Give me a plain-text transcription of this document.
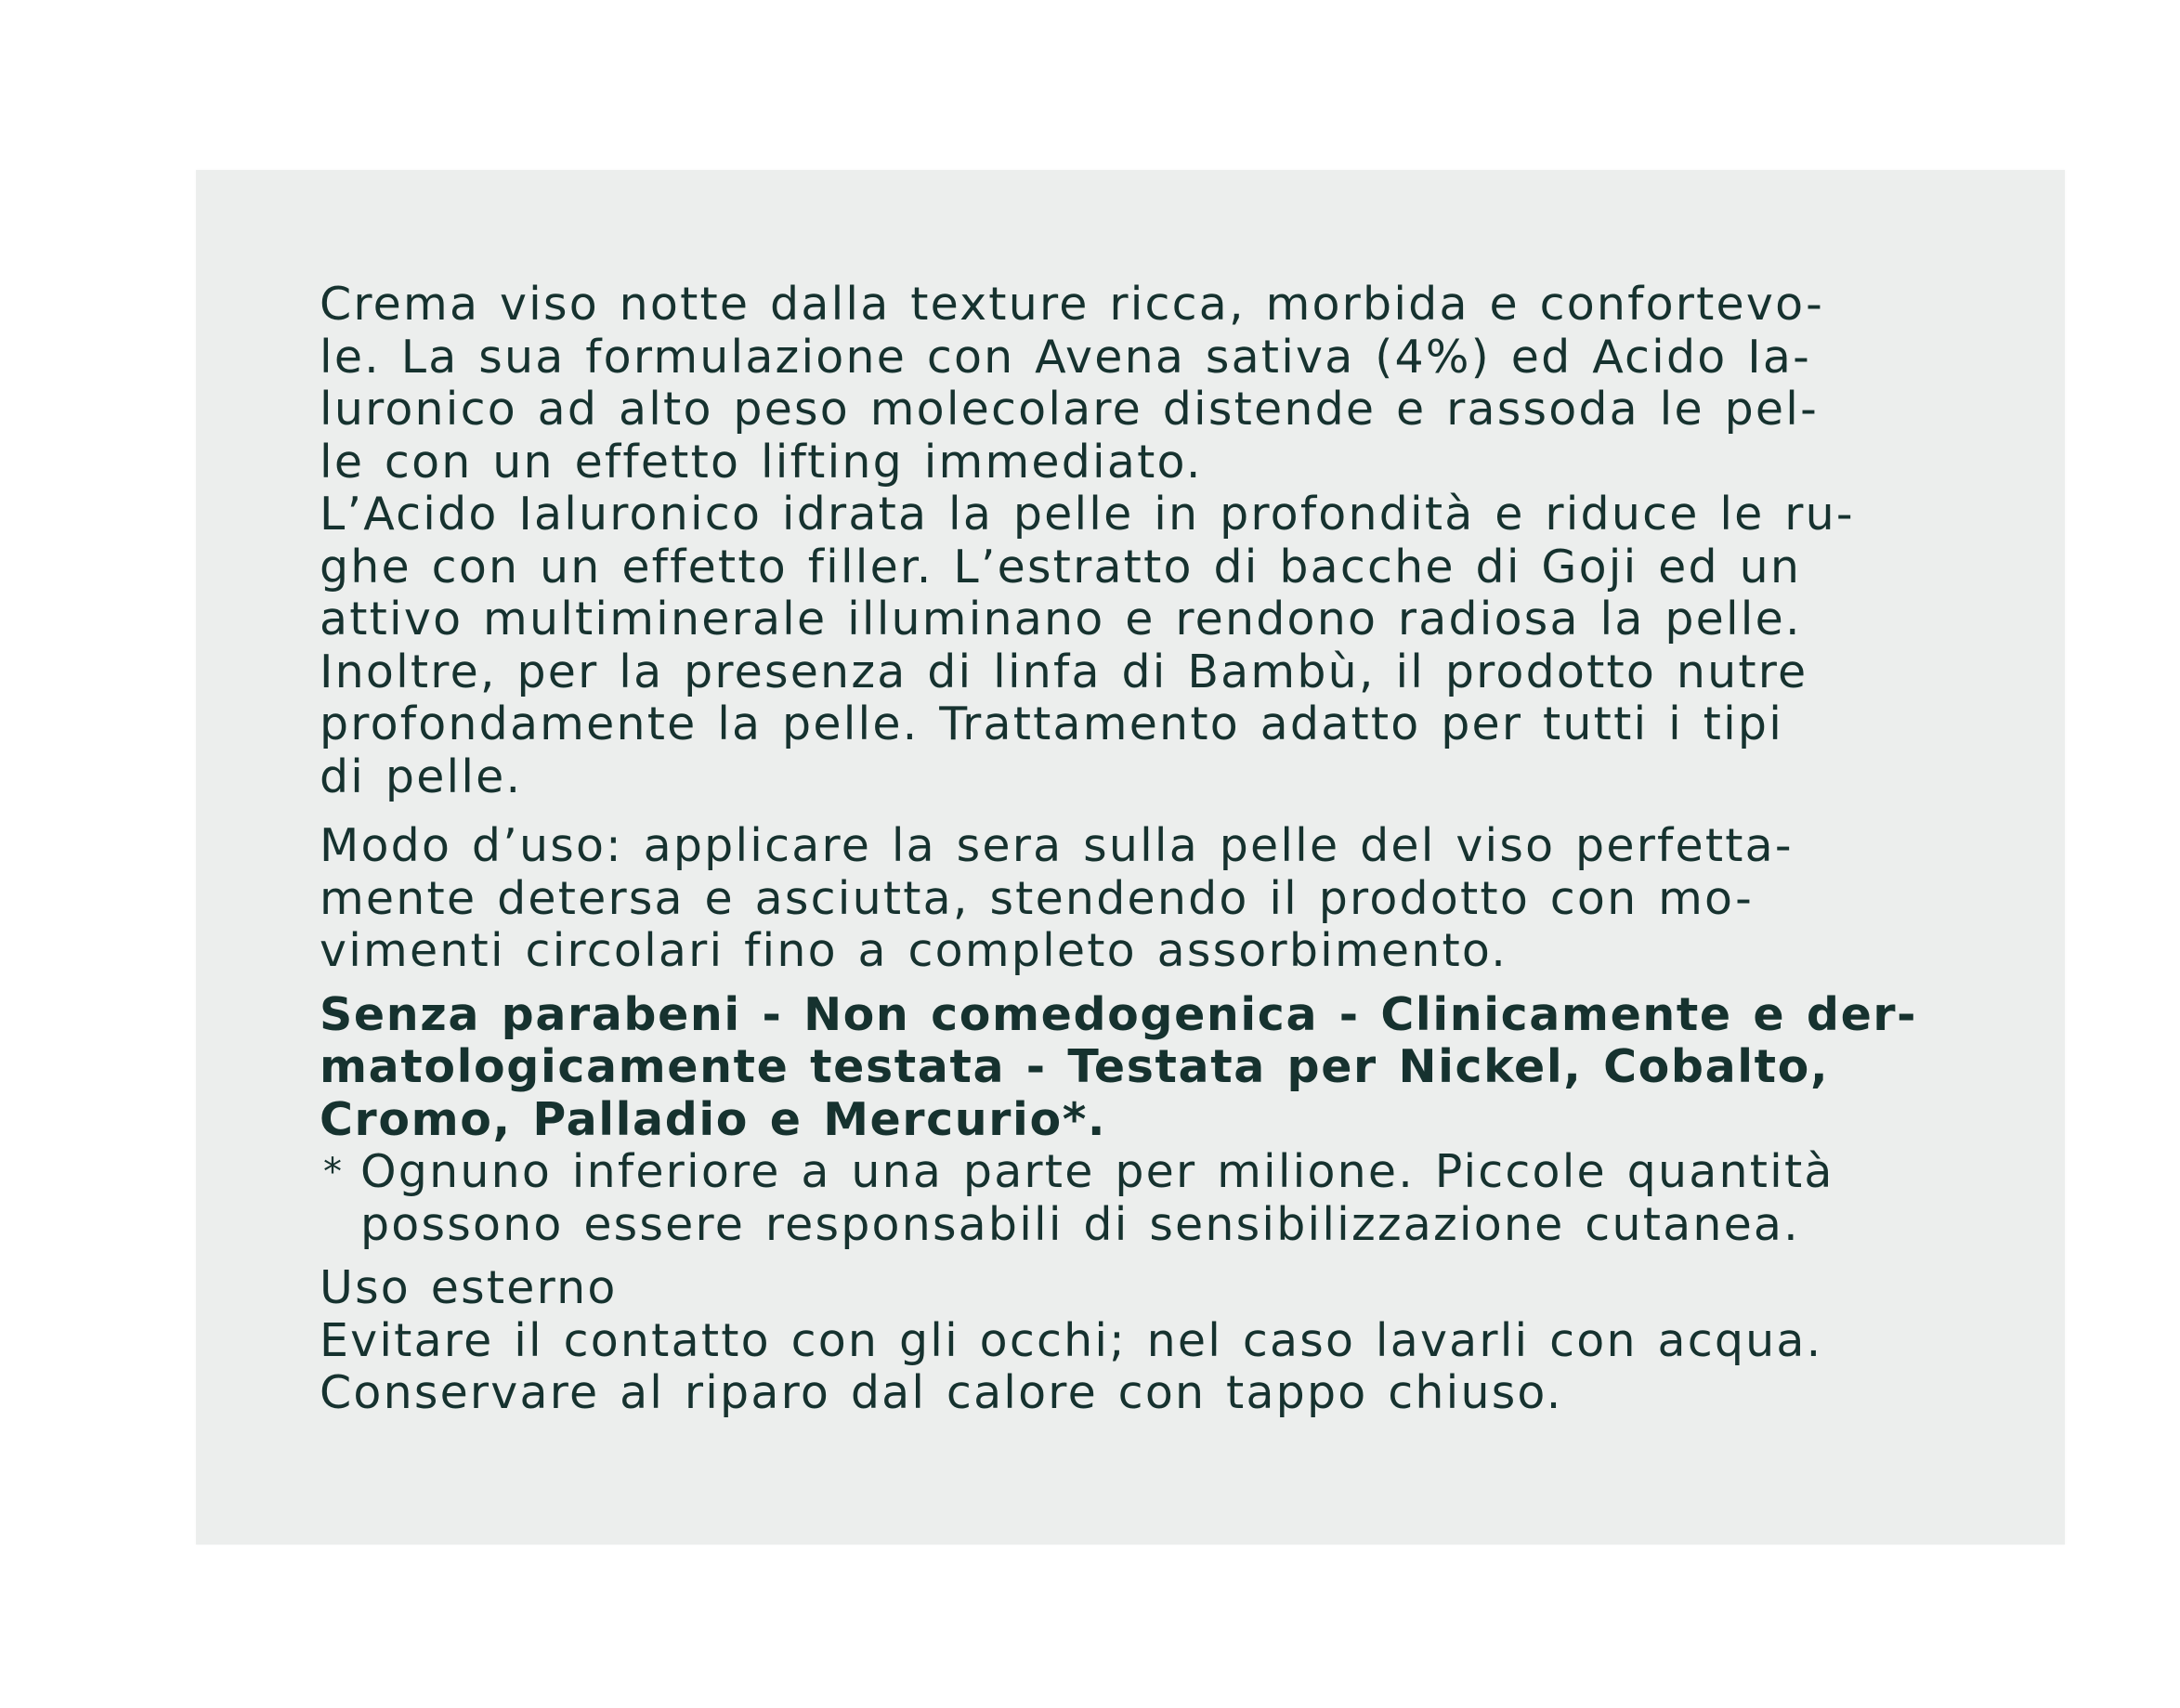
Crema viso notte dalla texture ricca, morbida e confortevo-
le. La sua formulazione con Avena sativa (4%) ed Acido Ia-
luronico ad alto peso molecolare distende e rassoda le pel-
le con un effetto lifting immediato.
L’Acido Ialuronico idrata la pelle in profondità e riduce le ru-
ghe con un effetto filler. L’estratto di bacche di Goji ed un
attivo multiminerale illuminano e rendono radiosa la pelle.
Inoltre, per la presenza di linfa di Bambù, il prodotto nutre
profondamente la pelle. Trattamento adatto per tutti i tipi
di pelle.
Modo d’uso: applicare la sera sulla pelle del viso perfetta-
mente detersa e asciutta, stendendo il prodotto con mo-
vimenti circolari fino a completo assorbimento.
Senza parabeni - Non comedogenica - Clinicamente e der-
matologicamente testata - Testata per Nickel, Cobalto,
Cromo, Palladio e Mercurio*.
* Ognuno inferiore a una parte per milione. Piccole quantità
possono essere responsabili di sensibilizzazione cutanea.
Uso esterno
Evitare il contatto con gli occhi; nel caso lavarli con acqua.
Conservare al riparo dal calore con tappo chiuso.
